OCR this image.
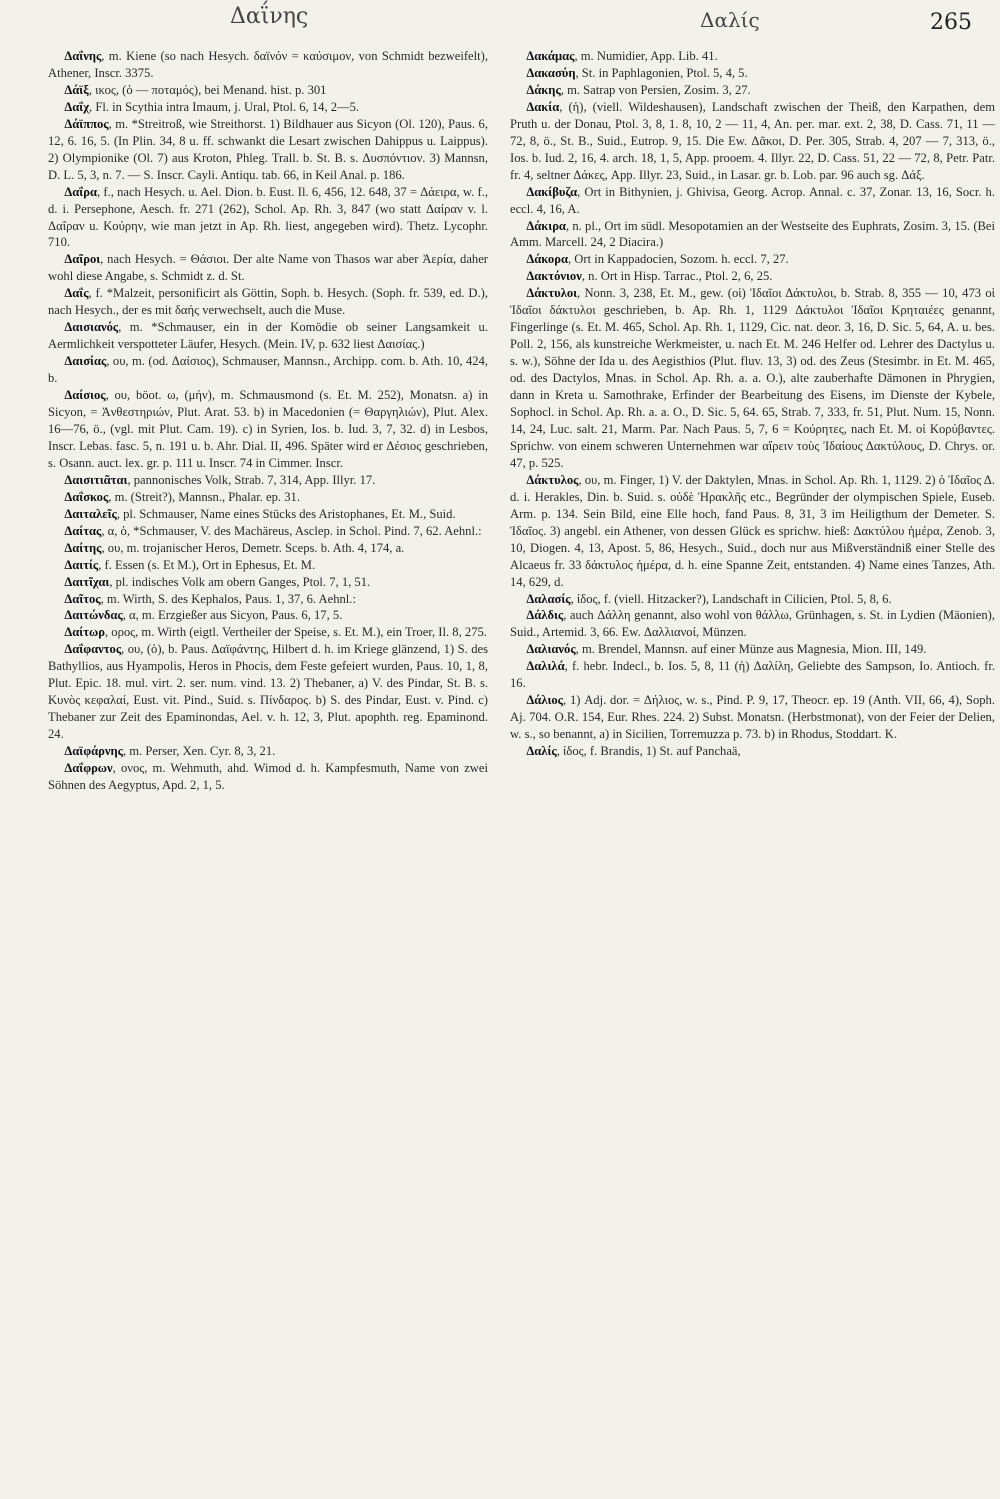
Δαΐνης	Δαλίς	265

Δαΐνης, m. Kiene (so nach Hesych. δαϊνόν = καύσιμον, von Schmidt bezweifelt), Athener, Inscr. 3375.

Δάϊξ, ικος, (ὁ — ποταμός), bei Menand. hist. p. 301

Δαΐχ, Fl. in Scythia intra Imaum, j. Ural, Ptol. 6, 14, 2—5.

Δάϊππος, m. *Streitroß, wie Streithorst. 1) Bildhauer aus Sicyon (Ol. 120), Paus. 6, 12, 6. 16, 5. (In Plin. 34, 8 u. ff. schwankt die Lesart zwischen Dahippus u. Laippus). 2) Olympionike (Ol. 7) aus Kroton, Phleg. Trall. b. St. B. s. Δυσπόντιον. 3) Mannsn, D. L. 5, 3, n. 7. — S. Inscr. Cayli. Antiqu. tab. 66, in Keil Anal. p. 186.

Δαΐρα, f., nach Hesych. u. Ael. Dion. b. Eust. Il. 6, 456, 12. 648, 37 = Δάειρα, w. f., d. i. Persephone, Aesch. fr. 271 (262), Schol. Ap. Rh. 3, 847 (wo statt Δαίραν v. l. Δαΐραν u. Κούρην, wie man jetzt in Ap. Rh. liest, angegeben wird). Thetz. Lycophr. 710.

Δαῖροι, nach Hesych. = Θάσιοι. Der alte Name von Thasos war aber Ἀερία, daher wohl diese Angabe, s. Schmidt z. d. St.

Δαΐς, f. *Malzeit, personificirt als Göttin, Soph. b. Hesych. (Soph. fr. 539, ed. D.), nach Hesych., der es mit δαής verwechselt, auch die Muse.

Δαισιανός, m. *Schmauser, ein in der Komödie ob seiner Langsamkeit u. Aermlichkeit verspotteter Läufer, Hesych. (Mein. IV, p. 632 liest Δαισίας.)

Δαισίας, ου, m. (od. Δαίσιος), Schmauser, Mannsn., Archipp. com. b. Ath. 10, 424, b.

Δαίσιος, ου, böot. ω, (μήν), m. Schmausmond (s. Et. M. 252), Monatsn. a) in Sicyon, = Ἀνθεστηριών, Plut. Arat. 53. b) in Macedonien (= Θαργηλιών), Plut. Alex. 16—76, ö., (vgl. mit Plut. Cam. 19). c) in Syrien, Ios. b. Iud. 3, 7, 32. d) in Lesbos, Inscr. Lebas. fasc. 5, n. 191 u. b. Ahr. Dial. II, 496. Später wird er Δέσιος geschrieben, s. Osann. auct. lex. gr. p. 111 u. Inscr. 74 in Cimmer. Inscr.

Δαισιτιᾶται, pannonisches Volk, Strab. 7, 314, App. Illyr. 17.

Δαΐσκος, m. (Streit?), Mannsn., Phalar. ep. 31.

Δαιταλεῖς, pl. Schmauser, Name eines Stücks des Aristophanes, Et. M., Suid.

Δαίτας, α, ὁ, *Schmauser, V. des Machäreus, Asclep. in Schol. Pind. 7, 62. Aehnl.:

Δαίτης, ου, m. trojanischer Heros, Demetr. Sceps. b. Ath. 4, 174, a.

Δαιτίς, f. Essen (s. Et M.), Ort in Ephesus, Et. M.

Δαιτῖχαι, pl. indisches Volk am obern Ganges, Ptol. 7, 1, 51.

Δαῖτος, m. Wirth, S. des Kephalos, Paus. 1, 37, 6. Aehnl.:

Δαιτώνδας, α, m. Erzgießer aus Sicyon, Paus. 6, 17, 5.

Δαίτωρ, ορος, m. Wirth (eigtl. Vertheiler der Speise, s. Et. M.), ein Troer, Il. 8, 275.

Δαΐφαντος, ου, (ὁ), b. Paus. Δαϊφάντης, Hilbert d. h. im Kriege glänzend, 1) S. des Bathyllios, aus Hyampolis, Heros in Phocis, dem Feste gefeiert wurden, Paus. 10, 1, 8, Plut. Epic. 18. mul. virt. 2. ser. num. vind. 13. 2) Thebaner, a) V. des Pindar, St. B. s. Κυνὸς κεφαλαί, Eust. vit. Pind., Suid. s. Πίνδαρος. b) S. des Pindar, Eust. v. Pind. c) Thebaner zur Zeit des Epaminondas, Ael. v. h. 12, 3, Plut. apophth. reg. Epaminond. 24.

Δαϊφάρνης, m. Perser, Xen. Cyr. 8, 3, 21.

Δαΐφρων, ονος, m. Wehmuth, ahd. Wimod d. h. Kampfesmuth, Name von zwei Söhnen des Aegyptus, Apd. 2, 1, 5.

Δακάμας, m. Numidier, App. Lib. 41.

Δακασύη, St. in Paphlagonien, Ptol. 5, 4, 5.

Δάκης, m. Satrap von Persien, Zosim. 3, 27.

Δακία, (ἡ), (viell. Wildeshausen), Landschaft zwischen der Theiß, den Karpathen, dem Pruth u. der Donau, Ptol. 3, 8, 1. 8, 10, 2 — 11, 4, An. per. mar. ext. 2, 38, D. Cass. 71, 11 — 72, 8, ö., St. B., Suid., Eutrop. 9, 15. Die Ew. Δᾶκοι, D. Per. 305, Strab. 4, 207 — 7, 313, ö., Ios. b. Iud. 2, 16, 4. arch. 18, 1, 5, App. prooem. 4. Illyr. 22, D. Cass. 51, 22 — 72, 8, Petr. Patr. fr. 4, seltner Δάκες, App. Illyr. 23, Suid., in Lasar. gr. b. Lob. par. 96 auch sg. Δάξ.

Δακίβυζα, Ort in Bithynien, j. Ghivisa, Georg. Acrop. Annal. c. 37, Zonar. 13, 16, Socr. h. eccl. 4, 16, A.

Δάκιρα, n. pl., Ort im südl. Mesopotamien an der Westseite des Euphrats, Zosim. 3, 15. (Bei Amm. Marcell. 24, 2 Diacira.)

Δάκορα, Ort in Kappadocien, Sozom. h. eccl. 7, 27.

Δακτόνιον, n. Ort in Hisp. Tarrac., Ptol. 2, 6, 25.

Δάκτυλοι, Nonn. 3, 238, Et. M., gew. (οἱ) Ἰδαῖοι Δάκτυλοι, b. Strab. 8, 355 — 10, 473 οἱ Ἰδαῖοι δάκτυλοι geschrieben, b. Ap. Rh. 1, 1129 Δάκτυλοι Ἰδαῖοι Κρηταιέες genannt, Fingerlinge (s. Et. M. 465, Schol. Ap. Rh. 1, 1129, Cic. nat. deor. 3, 16, D. Sic. 5, 64, A. u. bes. Poll. 2, 156, als kunstreiche Werkmeister, u. nach Et. M. 246 Helfer od. Lehrer des Dactylus u. s. w.), Söhne der Ida u. des Aegisthios (Plut. fluv. 13, 3) od. des Zeus (Stesimbr. in Et. M. 465, od. des Dactylos, Mnas. in Schol. Ap. Rh. a. a. O.), alte zauberhafte Dämonen in Phrygien, dann in Kreta u. Samothrake, Erfinder der Bearbeitung des Eisens, im Dienste der Kybele, Sophocl. in Schol. Ap. Rh. a. a. O., D. Sic. 5, 64. 65, Strab. 7, 333, fr. 51, Plut. Num. 15, Nonn. 14, 24, Luc. salt. 21, Marm. Par. Nach Paus. 5, 7, 6 = Κούρητες, nach Et. M. οἱ Κορύβαντες. Sprichw. von einem schweren Unternehmen war αἴρειν τοὺς Ἰδαίους Δακτύλους, D. Chrys. or. 47, p. 525.

Δάκτυλος, ου, m. Finger, 1) V. der Daktylen, Mnas. in Schol. Ap. Rh. 1, 1129. 2) ὁ Ἰδαῖος Δ. d. i. Herakles, Din. b. Suid. s. οὐδὲ Ἡρακλῆς etc., Begründer der olympischen Spiele, Euseb. Arm. p. 134. Sein Bild, eine Elle hoch, fand Paus. 8, 31, 3 im Heiligthum der Demeter. S. Ἰδαῖος. 3) angebl. ein Athener, von dessen Glück es sprichw. hieß: Δακτύλου ἡμέρα, Zenob. 3, 10, Diogen. 4, 13, Apost. 5, 86, Hesych., Suid., doch nur aus Mißverständniß einer Stelle des Alcaeus fr. 33 δάκτυλος ἡμέρα, d. h. eine Spanne Zeit, entstanden. 4) Name eines Tanzes, Ath. 14, 629, d.

Δαλασίς, ίδος, f. (viell. Hitzacker?), Landschaft in Cilicien, Ptol. 5, 8, 6.

Δάλδις, auch Δάλλη genannt, also wohl von θάλλω, Grünhagen, s. St. in Lydien (Mäonien), Suid., Artemid. 3, 66. Ew. Δαλλιανοί, Münzen.

Δαλιανός, m. Brendel, Mannsn. auf einer Münze aus Magnesia, Mion. III, 149.

Δαλιλά, f. hebr. Indecl., b. Ios. 5, 8, 11 (ἡ) Δαλίλη, Geliebte des Sampson, Io. Antioch. fr. 16.

Δάλιος, 1) Adj. dor. = Δήλιος, w. s., Pind. P. 9, 17, Theocr. ep. 19 (Anth. VII, 66, 4), Soph. Aj. 704. O.R. 154, Eur. Rhes. 224. 2) Subst. Monatsn. (Herbstmonat), von der Feier der Delien, w. s., so benannt, a) in Sicilien, Torremuzza p. 73. b) in Rhodus, Stoddart. K.

Δαλίς, ίδος, f. Brandis, 1) St. auf Panchaä,
